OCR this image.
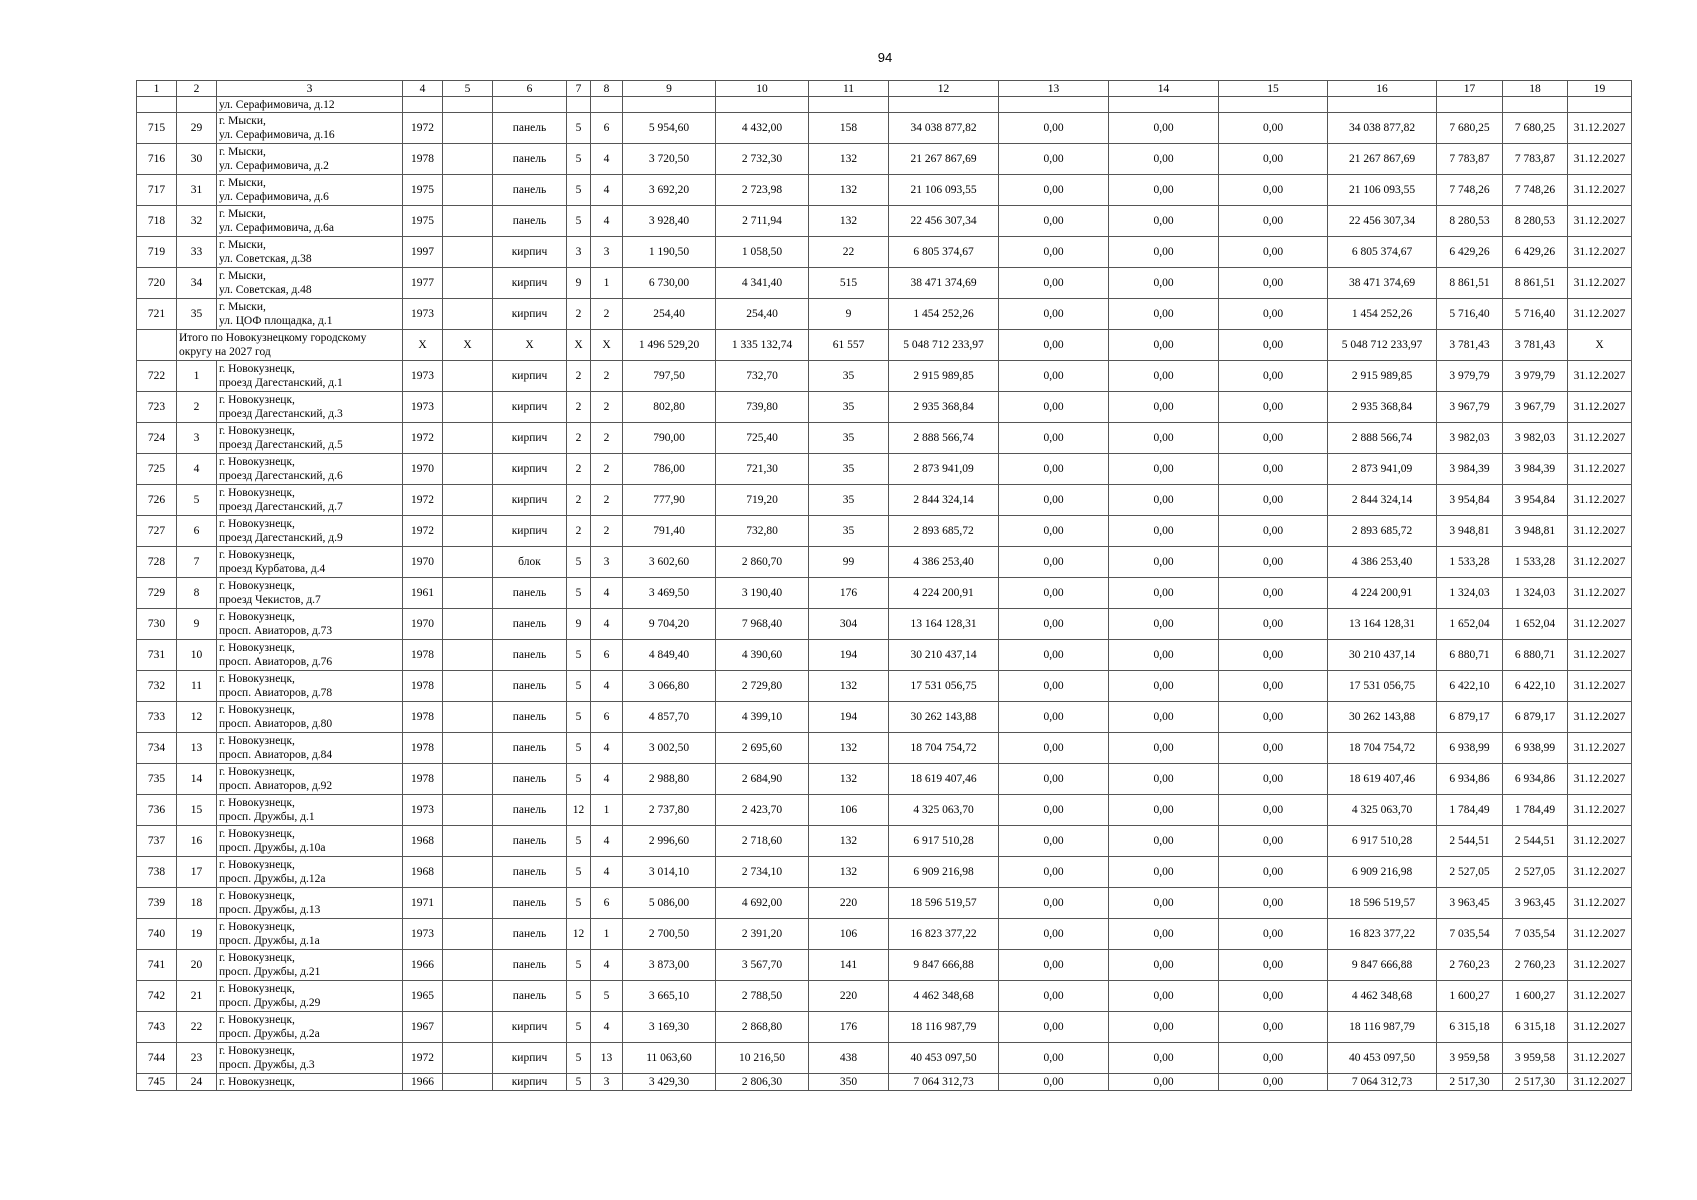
94
1	2	3	4	5	6	7	8	9	10	11	12	13	14	15	16	17	18	19
		ул. Серафимовича, д.12																
715	29	г. Мыски,
ул. Серафимовича, д.16	1972		панель	5	6	5 954,60	4 432,00	158	34 038 877,82	0,00	0,00	0,00	34 038 877,82	7 680,25	7 680,25	31.12.2027
716	30	г. Мыски,
ул. Серафимовича, д.2	1978		панель	5	4	3 720,50	2 732,30	132	21 267 867,69	0,00	0,00	0,00	21 267 867,69	7 783,87	7 783,87	31.12.2027
717	31	г. Мыски,
ул. Серафимовича, д.6	1975		панель	5	4	3 692,20	2 723,98	132	21 106 093,55	0,00	0,00	0,00	21 106 093,55	7 748,26	7 748,26	31.12.2027
718	32	г. Мыски,
ул. Серафимовича, д.6а	1975		панель	5	4	3 928,40	2 711,94	132	22 456 307,34	0,00	0,00	0,00	22 456 307,34	8 280,53	8 280,53	31.12.2027
719	33	г. Мыски,
ул. Советская, д.38	1997		кирпич	3	3	1 190,50	1 058,50	22	6 805 374,67	0,00	0,00	0,00	6 805 374,67	6 429,26	6 429,26	31.12.2027
720	34	г. Мыски,
ул. Советская, д.48	1977		кирпич	9	1	6 730,00	4 341,40	515	38 471 374,69	0,00	0,00	0,00	38 471 374,69	8 861,51	8 861,51	31.12.2027
721	35	г. Мыски,
ул. ЦОФ площадка, д.1	1973		кирпич	2	2	254,40	254,40	9	1 454 252,26	0,00	0,00	0,00	1 454 252,26	5 716,40	5 716,40	31.12.2027
	Итого по Новокузнецкому городскому округу на 2027 год		Х	Х	Х	Х	Х	1 496 529,20	1 335 132,74	61 557	5 048 712 233,97	0,00	0,00	0,00	5 048 712 233,97	3 781,43	3 781,43	Х
722	1	г. Новокузнецк,
проезд Дагестанский, д.1	1973		кирпич	2	2	797,50	732,70	35	2 915 989,85	0,00	0,00	0,00	2 915 989,85	3 979,79	3 979,79	31.12.2027
723	2	г. Новокузнецк,
проезд Дагестанский, д.3	1973		кирпич	2	2	802,80	739,80	35	2 935 368,84	0,00	0,00	0,00	2 935 368,84	3 967,79	3 967,79	31.12.2027
724	3	г. Новокузнецк,
проезд Дагестанский, д.5	1972		кирпич	2	2	790,00	725,40	35	2 888 566,74	0,00	0,00	0,00	2 888 566,74	3 982,03	3 982,03	31.12.2027
725	4	г. Новокузнецк,
проезд Дагестанский, д.6	1970		кирпич	2	2	786,00	721,30	35	2 873 941,09	0,00	0,00	0,00	2 873 941,09	3 984,39	3 984,39	31.12.2027
726	5	г. Новокузнецк,
проезд Дагестанский, д.7	1972		кирпич	2	2	777,90	719,20	35	2 844 324,14	0,00	0,00	0,00	2 844 324,14	3 954,84	3 954,84	31.12.2027
727	6	г. Новокузнецк,
проезд Дагестанский, д.9	1972		кирпич	2	2	791,40	732,80	35	2 893 685,72	0,00	0,00	0,00	2 893 685,72	3 948,81	3 948,81	31.12.2027
728	7	г. Новокузнецк,
проезд Курбатова, д.4	1970		блок	5	3	3 602,60	2 860,70	99	4 386 253,40	0,00	0,00	0,00	4 386 253,40	1 533,28	1 533,28	31.12.2027
729	8	г. Новокузнецк,
проезд Чекистов, д.7	1961		панель	5	4	3 469,50	3 190,40	176	4 224 200,91	0,00	0,00	0,00	4 224 200,91	1 324,03	1 324,03	31.12.2027
730	9	г. Новокузнецк,
просп. Авиаторов, д.73	1970		панель	9	4	9 704,20	7 968,40	304	13 164 128,31	0,00	0,00	0,00	13 164 128,31	1 652,04	1 652,04	31.12.2027
731	10	г. Новокузнецк,
просп. Авиаторов, д.76	1978		панель	5	6	4 849,40	4 390,60	194	30 210 437,14	0,00	0,00	0,00	30 210 437,14	6 880,71	6 880,71	31.12.2027
732	11	г. Новокузнецк,
просп. Авиаторов, д.78	1978		панель	5	4	3 066,80	2 729,80	132	17 531 056,75	0,00	0,00	0,00	17 531 056,75	6 422,10	6 422,10	31.12.2027
733	12	г. Новокузнецк,
просп. Авиаторов, д.80	1978		панель	5	6	4 857,70	4 399,10	194	30 262 143,88	0,00	0,00	0,00	30 262 143,88	6 879,17	6 879,17	31.12.2027
734	13	г. Новокузнецк,
просп. Авиаторов, д.84	1978		панель	5	4	3 002,50	2 695,60	132	18 704 754,72	0,00	0,00	0,00	18 704 754,72	6 938,99	6 938,99	31.12.2027
735	14	г. Новокузнецк,
просп. Авиаторов, д.92	1978		панель	5	4	2 988,80	2 684,90	132	18 619 407,46	0,00	0,00	0,00	18 619 407,46	6 934,86	6 934,86	31.12.2027
736	15	г. Новокузнецк,
просп. Дружбы, д.1	1973		панель	12	1	2 737,80	2 423,70	106	4 325 063,70	0,00	0,00	0,00	4 325 063,70	1 784,49	1 784,49	31.12.2027
737	16	г. Новокузнецк,
просп. Дружбы, д.10а	1968		панель	5	4	2 996,60	2 718,60	132	6 917 510,28	0,00	0,00	0,00	6 917 510,28	2 544,51	2 544,51	31.12.2027
738	17	г. Новокузнецк,
просп. Дружбы, д.12а	1968		панель	5	4	3 014,10	2 734,10	132	6 909 216,98	0,00	0,00	0,00	6 909 216,98	2 527,05	2 527,05	31.12.2027
739	18	г. Новокузнецк,
просп. Дружбы, д.13	1971		панель	5	6	5 086,00	4 692,00	220	18 596 519,57	0,00	0,00	0,00	18 596 519,57	3 963,45	3 963,45	31.12.2027
740	19	г. Новокузнецк,
просп. Дружбы, д.1а	1973		панель	12	1	2 700,50	2 391,20	106	16 823 377,22	0,00	0,00	0,00	16 823 377,22	7 035,54	7 035,54	31.12.2027
741	20	г. Новокузнецк,
просп. Дружбы, д.21	1966		панель	5	4	3 873,00	3 567,70	141	9 847 666,88	0,00	0,00	0,00	9 847 666,88	2 760,23	2 760,23	31.12.2027
742	21	г. Новокузнецк,
просп. Дружбы, д.29	1965		панель	5	5	3 665,10	2 788,50	220	4 462 348,68	0,00	0,00	0,00	4 462 348,68	1 600,27	1 600,27	31.12.2027
743	22	г. Новокузнецк,
просп. Дружбы, д.2а	1967		кирпич	5	4	3 169,30	2 868,80	176	18 116 987,79	0,00	0,00	0,00	18 116 987,79	6 315,18	6 315,18	31.12.2027
744	23	г. Новокузнецк,
просп. Дружбы, д.3	1972		кирпич	5	13	11 063,60	10 216,50	438	40 453 097,50	0,00	0,00	0,00	40 453 097,50	3 959,58	3 959,58	31.12.2027
745	24	г. Новокузнецк,	1966		кирпич	5	3	3 429,30	2 806,30	350	7 064 312,73	0,00	0,00	0,00	7 064 312,73	2 517,30	2 517,30	31.12.2027
